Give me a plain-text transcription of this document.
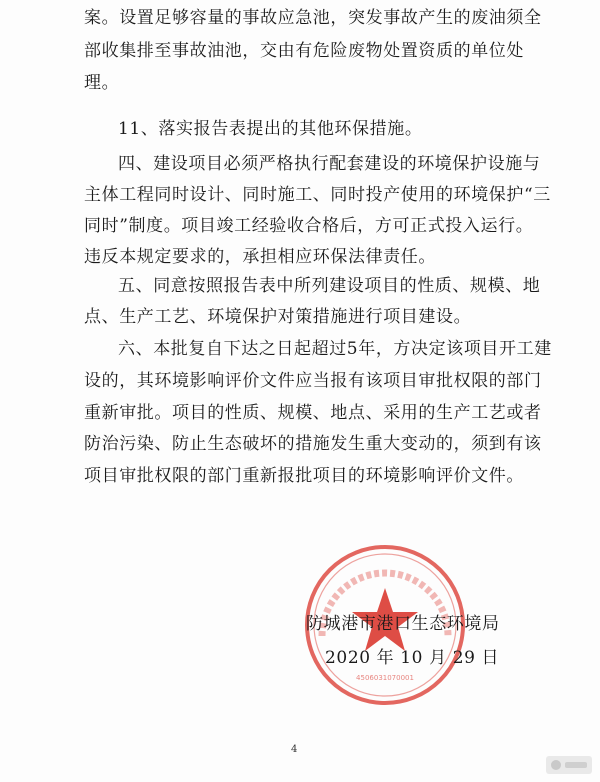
案。设置足够容量的事故应急池，突发事故产生的废油须全
部收集排至事故油池，交由有危险废物处置资质的单位处
理。
11、落实报告表提出的其他环保措施。
四、建设项目必须严格执行配套建设的环境保护设施与
主体工程同时设计、同时施工、同时投产使用的环境保护“三
同时”制度。项目竣工经验收合格后，方可正式投入运行。
违反本规定要求的，承担相应环保法律责任。
五、同意按照报告表中所列建设项目的性质、规模、地
点、生产工艺、环境保护对策措施进行项目建设。
六、本批复自下达之日起超过5年，方决定该项目开工建
设的，其环境影响评价文件应当报有该项目审批权限的部门
重新审批。项目的性质、规模、地点、采用的生产工艺或者
防治污染、防止生态破坏的措施发生重大变动的，须到有该
项目审批权限的部门重新报批项目的环境影响评价文件。
4506031070001
防城港市港口生态环境局
2020 年 10 月 29 日
4
